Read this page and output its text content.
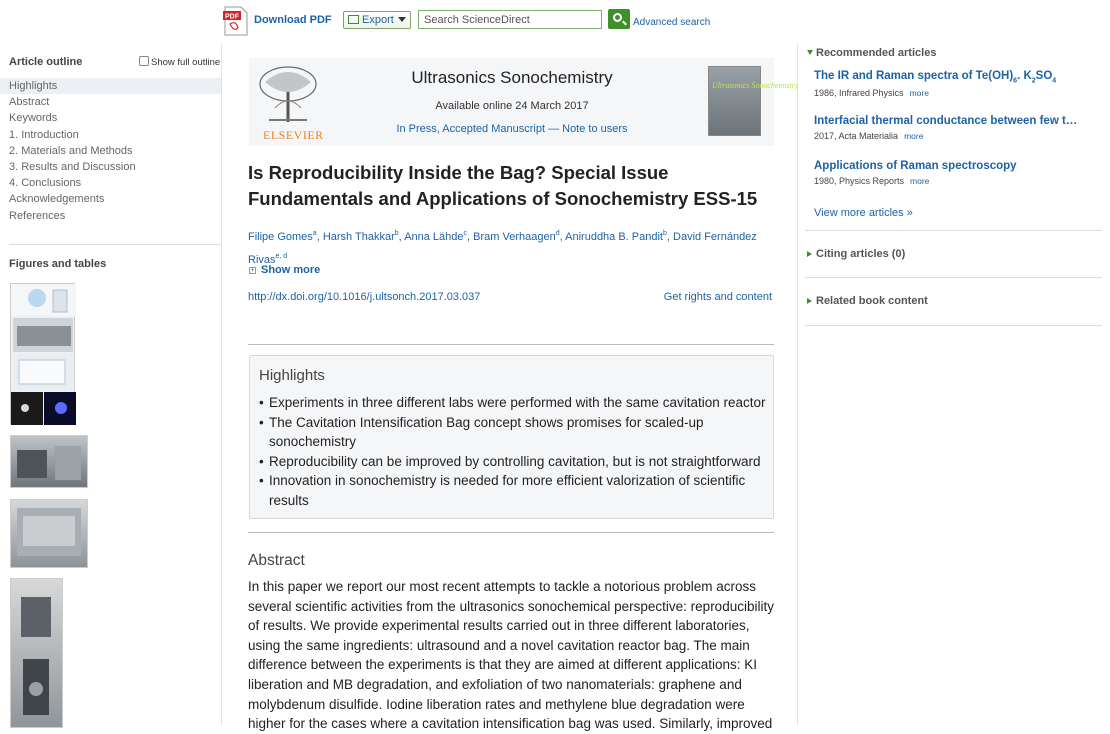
PDF Download PDF	Export
Search ScienceDirect	Advanced search
Article outline	Show full outline
Highlights
Abstract
Keywords
1. Introduction
2. Materials and Methods
3. Results and Discussion
4. Conclusions
Acknowledgements
References
Figures and tables
ELSEVIER
Ultrasonics Sonochemistry
Available online 24 March 2017
In Press, Accepted Manuscript — Note to users
Ultrasonics Sonochemistry
Is Reproducibility Inside the Bag? Special Issue Fundamentals and Applications of Sonochemistry ESS-15
Filipe Gomes$^a$, Harsh Thakkar$^b$, Anna Lähde$^c$, Bram Verhaagen$^d$, Aniruddha B. Pandit$^b$, David Fernández Rivas$^{e, d}$
+ Show more
http://dx.doi.org/10.1016/j.ultsonch.2017.03.037	Get rights and content
Highlights
• Experiments in three different labs were performed with the same cavitation reactor
• The Cavitation Intensification Bag concept shows promises for scaled-up sonochemistry
• Reproducibility can be improved by controlling cavitation, but is not straightforward
• Innovation in sonochemistry is needed for more efficient valorization of scientific results
Abstract

In this paper we report our most recent attempts to tackle a notorious problem across several scientific activities from the ultrasonics sonochemical perspective: reproducibility of results. We provide experimental results carried out in three different laboratories, using the same ingredients: ultrasound and a novel cavitation reactor bag. The main difference between the experiments is that they are aimed at different applications: KI liberation and MB degradation, and exfoliation of two nanomaterials: graphene and molybdenum disulfide. Iodine liberation rates and methylene blue degradation were higher for the cases where a cavitation intensification bag was used. Similarly, improved

Recommended articles
The IR and Raman spectra of $Te(OH)_6$. $K_2SO_4$
1986, Infrared Physics more
Interfacial thermal conductance between few t…
2017, Acta Materialia more
Applications of Raman spectroscopy
1980, Physics Reports more
View more articles »
Citing articles (0)
Related book content
